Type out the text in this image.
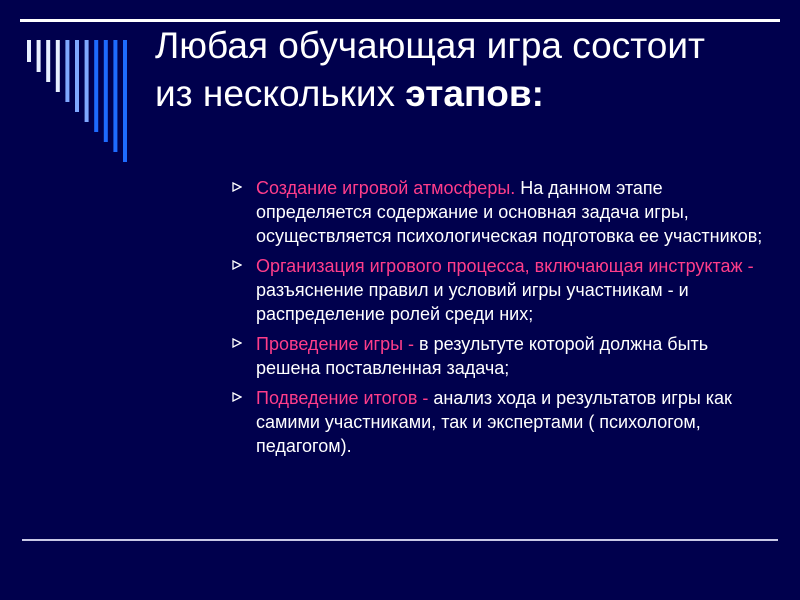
Любая обучающая игра состоит
из нескольких этапов:
Создание игровой атмосферы. На данном этапе определяется содержание и основная задача игры, осуществляется психологическая подготовка ее участников;
Организация игрового процесса, включающая инструктаж - разъяснение правил и условий игры участникам - и распределение ролей среди них;
Проведение игры - в результуте которой должна быть решена поставленная задача;
Подведение итогов - анализ хода и результатов игры как самими участниками, так и экспертами ( психологом, педагогом).
